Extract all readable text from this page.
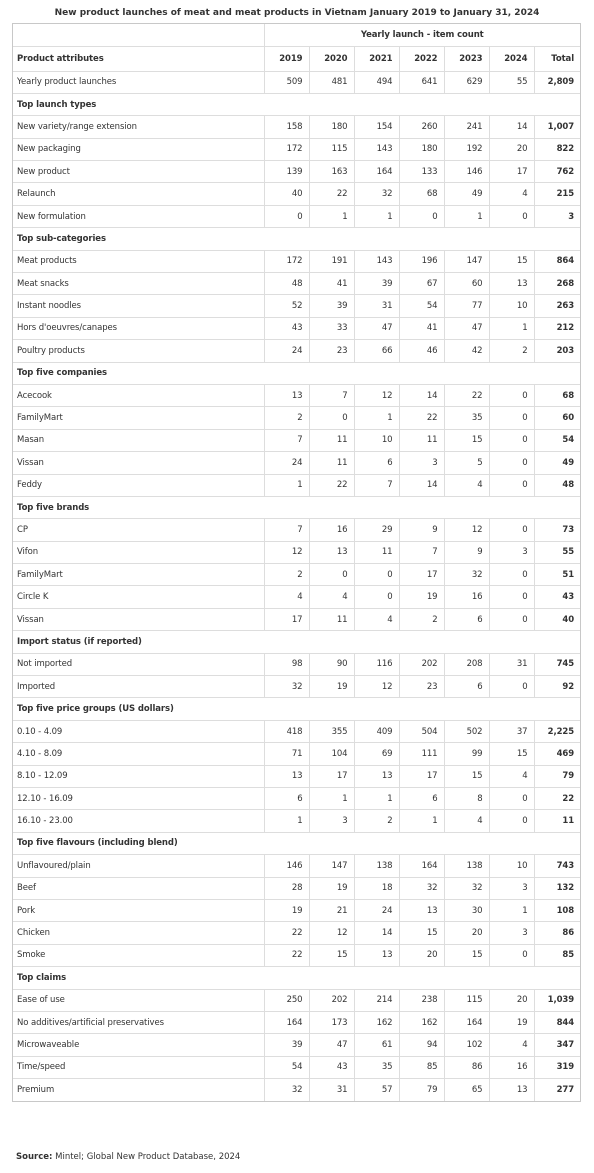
New product launches of meat and meat products in Vietnam January 2019 to January 31, 2024
	Yearly launch - item count						
Product attributes	2019	2020	2021	2022	2023	2024	Total
Yearly product launches	509	481	494	641	629	55	2,809
Top launch types							
New variety/range extension	158	180	154	260	241	14	1,007
New packaging	172	115	143	180	192	20	822
New product	139	163	164	133	146	17	762
Relaunch	40	22	32	68	49	4	215
New formulation	0	1	1	0	1	0	3
Top sub-categories							
Meat products	172	191	143	196	147	15	864
Meat snacks	48	41	39	67	60	13	268
Instant noodles	52	39	31	54	77	10	263
Hors d'oeuvres/canapes	43	33	47	41	47	1	212
Poultry products	24	23	66	46	42	2	203
Top five companies							
Acecook	13	7	12	14	22	0	68
FamilyMart	2	0	1	22	35	0	60
Masan	7	11	10	11	15	0	54
Vissan	24	11	6	3	5	0	49
Feddy	1	22	7	14	4	0	48
Top five brands							
CP	7	16	29	9	12	0	73
Vifon	12	13	11	7	9	3	55
FamilyMart	2	0	0	17	32	0	51
Circle K	4	4	0	19	16	0	43
Vissan	17	11	4	2	6	0	40
Import status (if reported)							
Not imported	98	90	116	202	208	31	745
Imported	32	19	12	23	6	0	92
Top five price groups (US dollars)							
0.10 - 4.09	418	355	409	504	502	37	2,225
4.10 - 8.09	71	104	69	111	99	15	469
8.10 - 12.09	13	17	13	17	15	4	79
12.10 - 16.09	6	1	1	6	8	0	22
16.10 - 23.00	1	3	2	1	4	0	11
Top five flavours (including blend)							
Unflavoured/plain	146	147	138	164	138	10	743
Beef	28	19	18	32	32	3	132
Pork	19	21	24	13	30	1	108
Chicken	22	12	14	15	20	3	86
Smoke	22	15	13	20	15	0	85
Top claims							
Ease of use	250	202	214	238	115	20	1,039
No additives/artificial preservatives	164	173	162	162	164	19	844
Microwaveable	39	47	61	94	102	4	347
Time/speed	54	43	35	85	86	16	319
Premium	32	31	57	79	65	13	277
Source: Mintel; Global New Product Database, 2024
